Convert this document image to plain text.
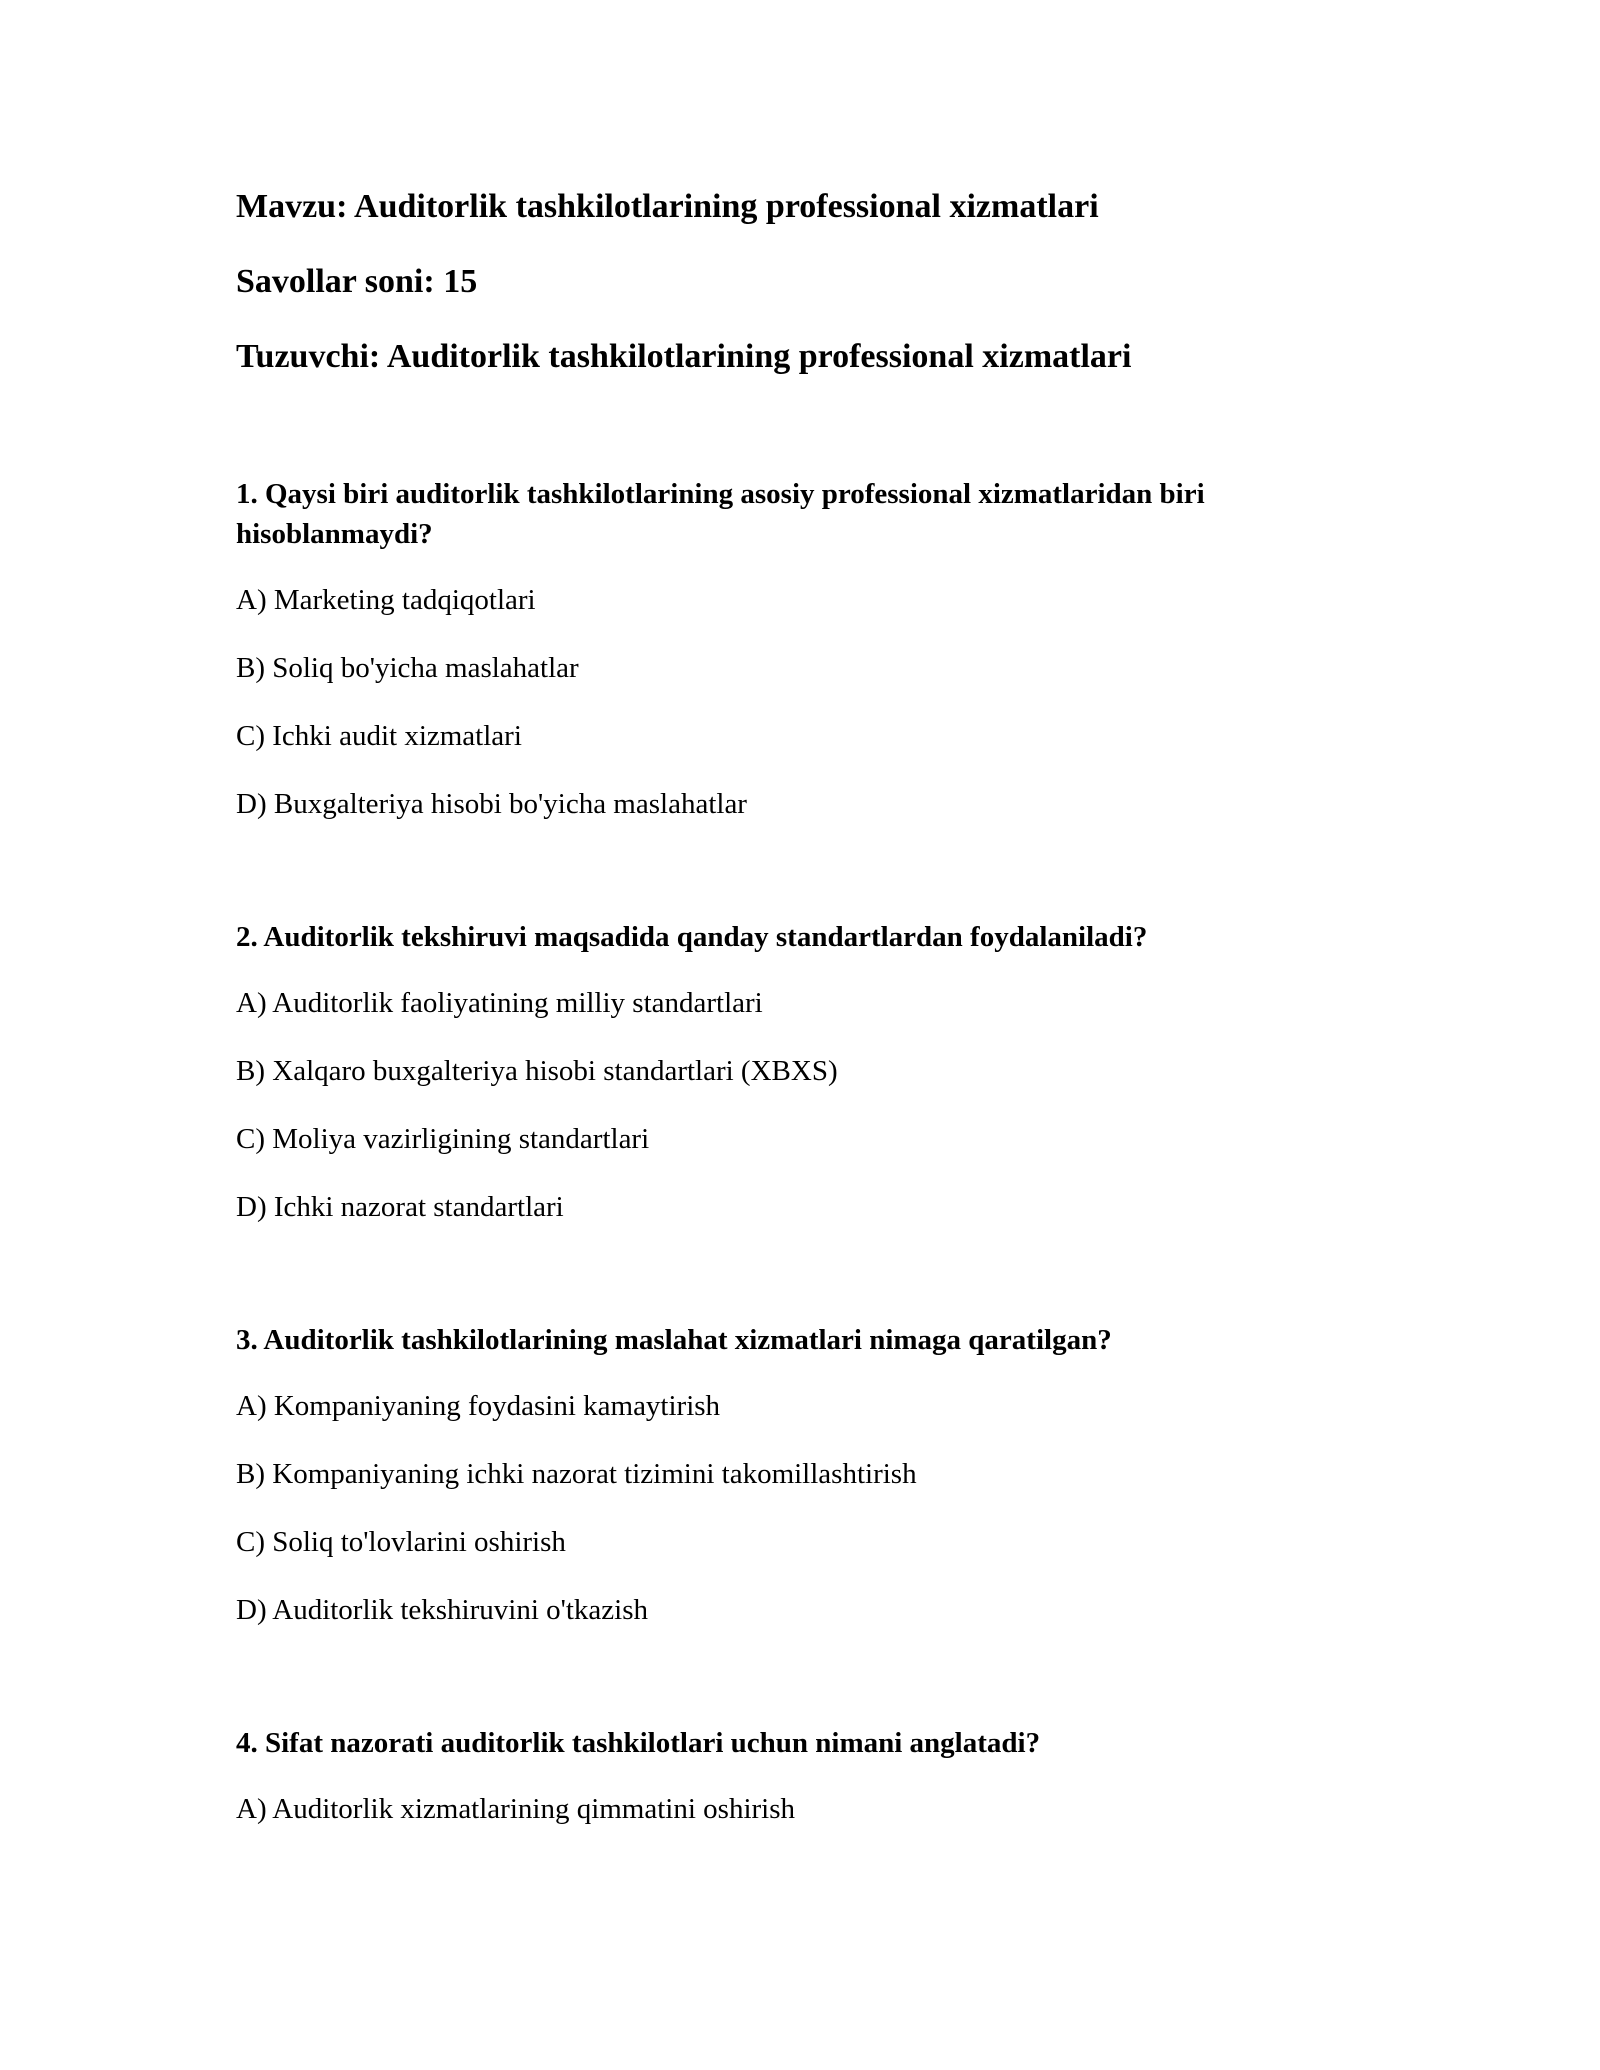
Mavzu: Auditorlik tashkilotlarining professional xizmatlari
Savollar soni: 15
Tuzuvchi: Auditorlik tashkilotlarining professional xizmatlari
1. Qaysi biri auditorlik tashkilotlarining asosiy professional xizmatlaridan biri hisoblanmaydi?
A) Marketing tadqiqotlari
B) Soliq bo'yicha maslahatlar
C) Ichki audit xizmatlari
D) Buxgalteriya hisobi bo'yicha maslahatlar
2. Auditorlik tekshiruvi maqsadida qanday standartlardan foydalaniladi?
A) Auditorlik faoliyatining milliy standartlari
B) Xalqaro buxgalteriya hisobi standartlari (XBXS)
C) Moliya vazirligining standartlari
D) Ichki nazorat standartlari
3. Auditorlik tashkilotlarining maslahat xizmatlari nimaga qaratilgan?
A) Kompaniyaning foydasini kamaytirish
B) Kompaniyaning ichki nazorat tizimini takomillashtirish
C) Soliq to'lovlarini oshirish
D) Auditorlik tekshiruvini o'tkazish
4. Sifat nazorati auditorlik tashkilotlari uchun nimani anglatadi?
A) Auditorlik xizmatlarining qimmatini oshirish
